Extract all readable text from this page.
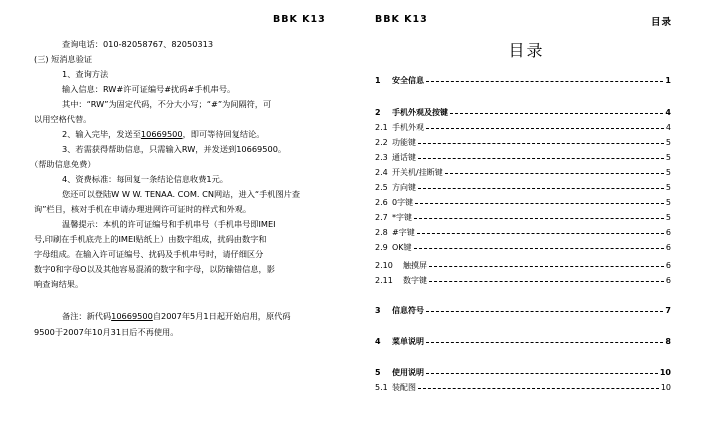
BBK K13
查询电话：010-82058767、82050313
(三) 短消息验证
1、查询方法
输入信息：RW#许可证编号#扰码#手机串号。
其中：“RW”为固定代码，不分大小写；“#”为间隔符，可
以用空格代替。
2、输入完毕，发送至10669500，即可等待回复结论。
3、若需获得帮助信息，只需输入RW，并发送到10669500。
（帮助信息免费）
4、资费标准：每回复一条结论信息收费1元。
您还可以登陆W W W. TENAA. COM. CN网站，进入“手机图片查
询”栏目，核对手机在申请办理进网许可证时的样式和外观。
温馨提示：本机的许可证编号和手机串号（手机串号即IMEI
号,印刷在手机底壳上的IMEI贴纸上）由数字组成，扰码由数字和
字母组成。在输入许可证编号、扰码及手机串号时，请仔细区分
数字0和字母O以及其他容易混淆的数字和字母，以防输错信息，影
响查询结果。
备注：新代码10669500自2007年5月1日起开始启用，原代码
9500于2007年10月31日后不再使用。
BBK K13	目录
目录
1	安全信息	1
2	手机外观及按键	4
2.1 手机外观	4
2.2 功能键	5
2.3 通话键	5
2.4 开关机/挂断键	5
2.5 方向键	5
2.6 0字键	5
2.7 *字键	5
2.8 #字键	6
2.9 OK键	6
2.10	触摸屏	6
2.11	数字键	6
3	信息符号	7
4	菜单说明	8
5	使用说明	10
5.1 装配图	10
